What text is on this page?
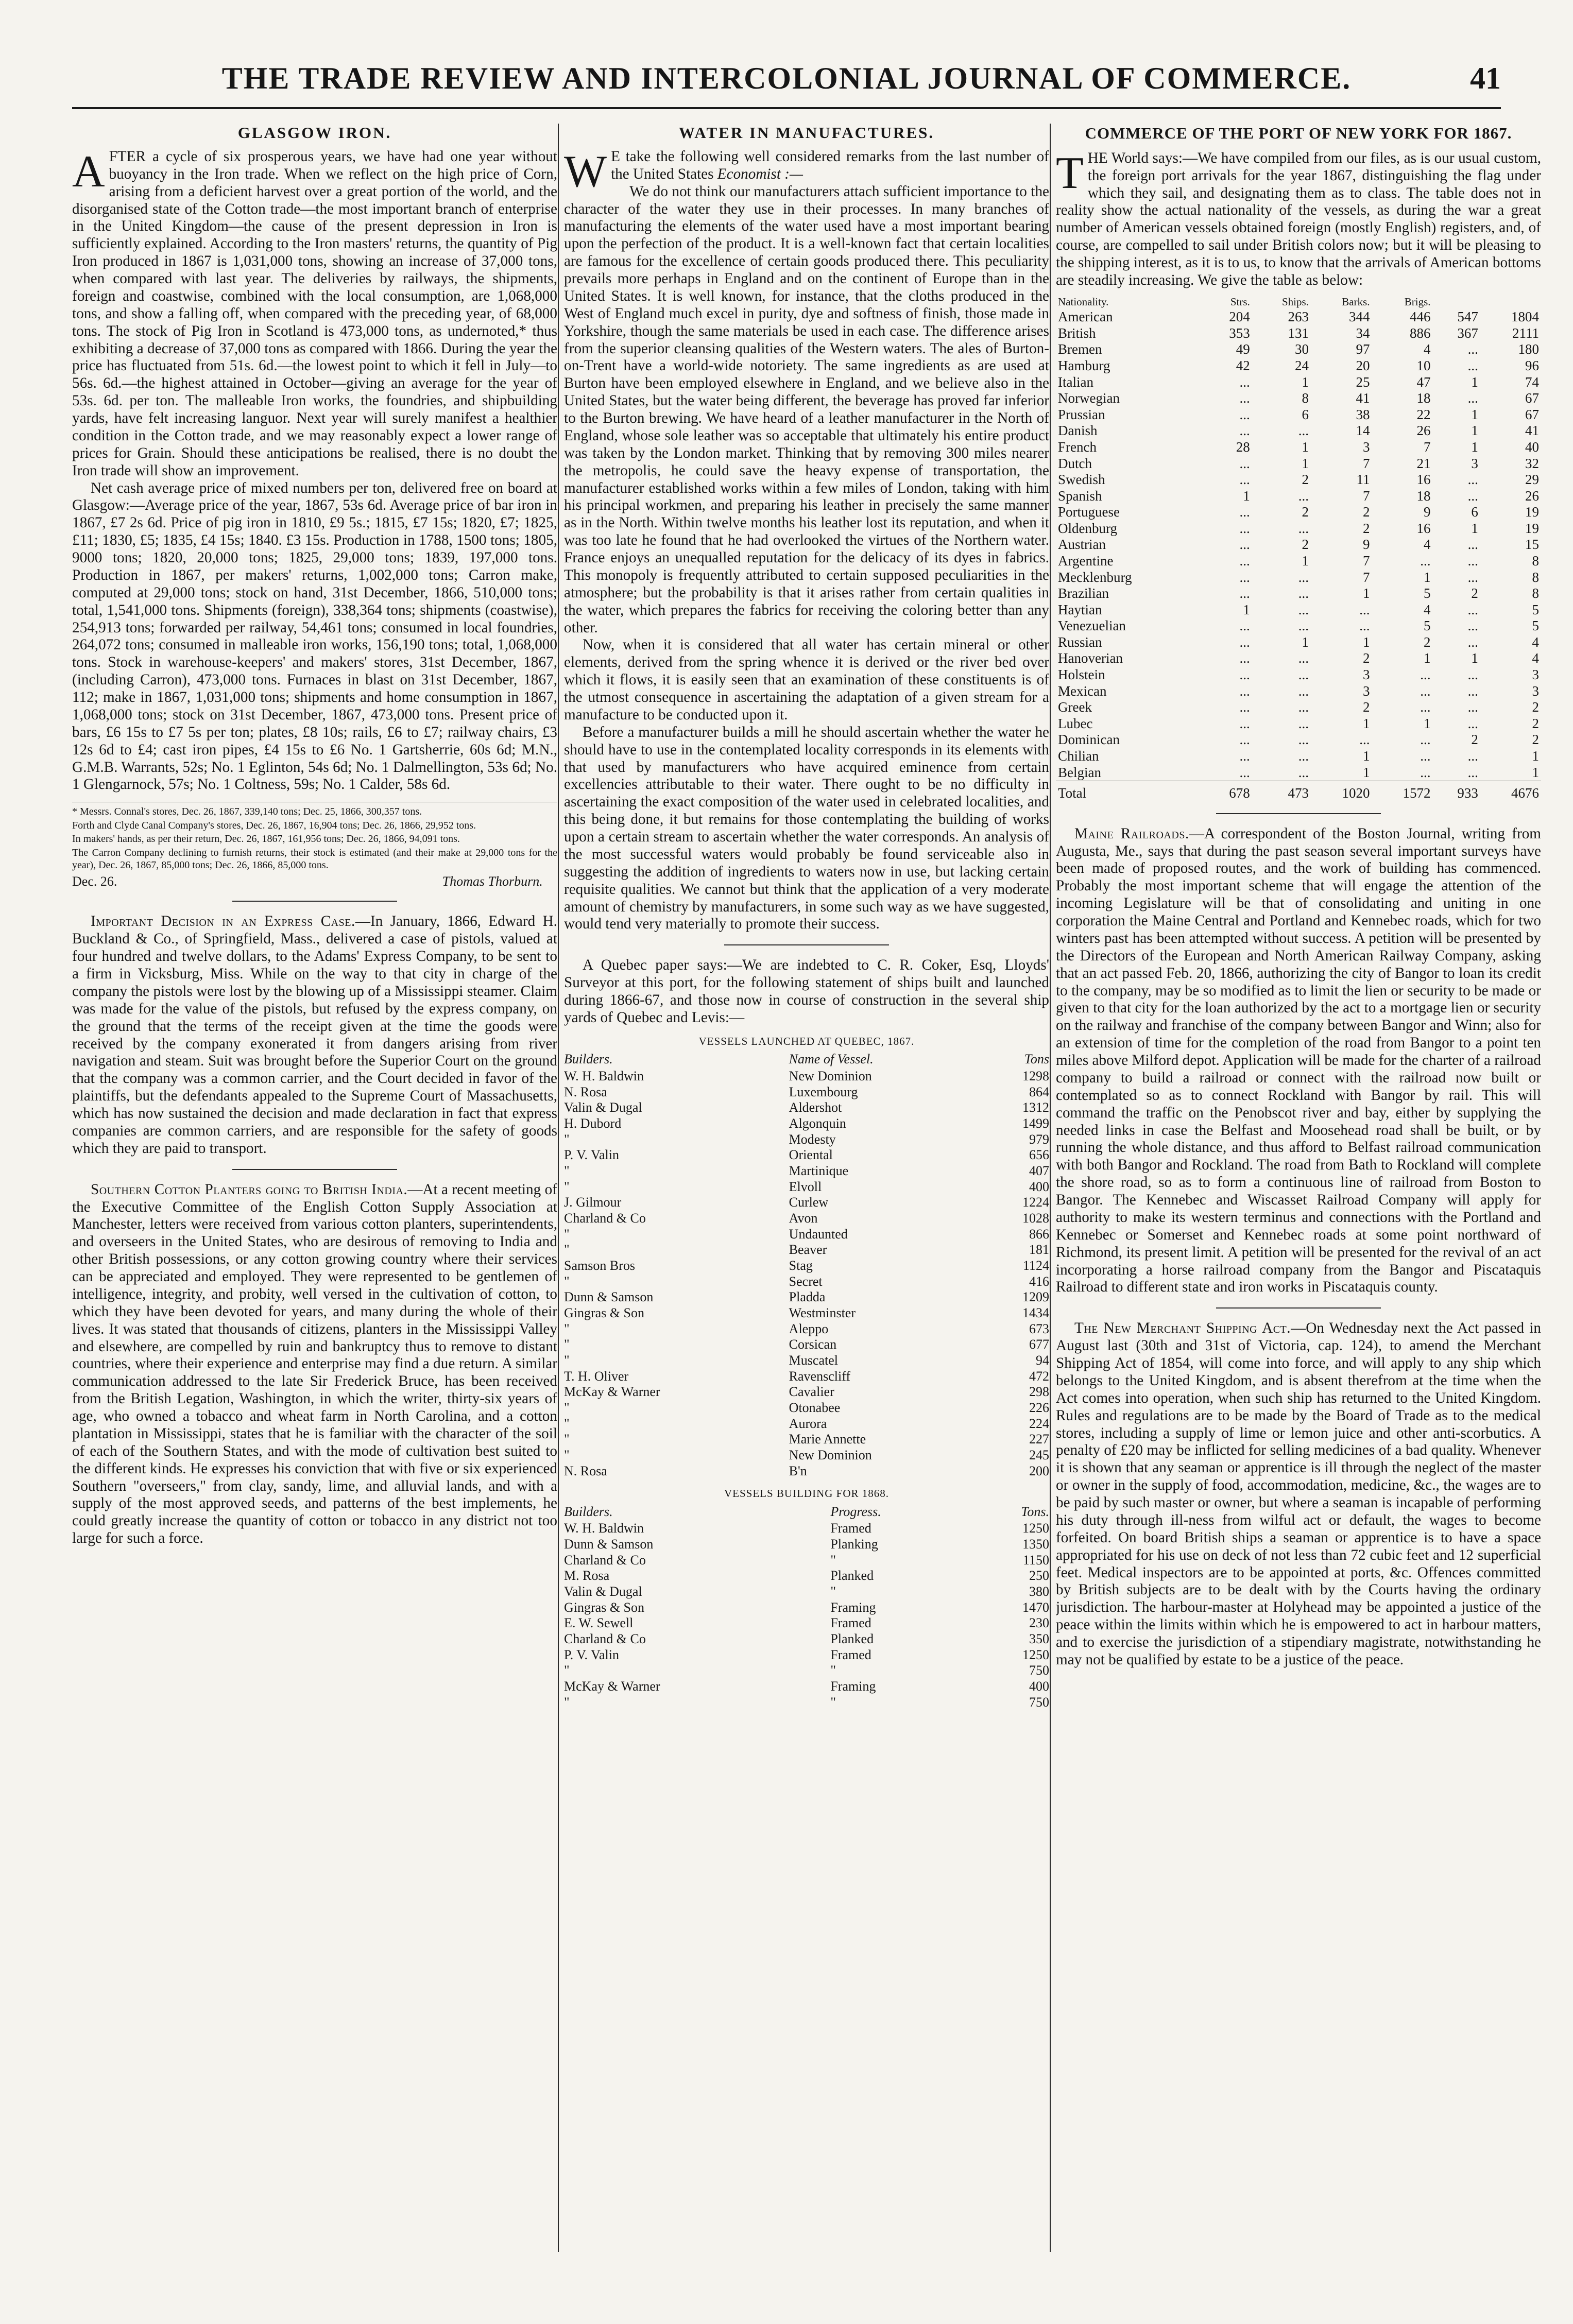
THE TRADE REVIEW AND INTERCOLONIAL JOURNAL OF COMMERCE.	41
GLASGOW IRON.

AFTER a cycle of six prosperous years, we have had one year without buoyancy in the Iron trade. When we reflect on the high price of Corn, arising from a deficient harvest over a great portion of the world, and the disorganised state of the Cotton trade—the most important branch of enterprise in the United Kingdom—the cause of the present depression in Iron is sufficiently explained. According to the Iron masters' returns, the quantity of Pig Iron produced in 1867 is 1,031,000 tons, showing an increase of 37,000 tons, when compared with last year. The deliveries by railways, the shipments, foreign and coastwise, combined with the local consumption, are 1,068,000 tons, and show a falling off, when compared with the preceding year, of 68,000 tons. The stock of Pig Iron in Scotland is 473,000 tons, as undernoted,* thus exhibiting a decrease of 37,000 tons as compared with 1866. During the year the price has fluctuated from 51s. 6d.—the lowest point to which it fell in July—to 56s. 6d.—the highest attained in October—giving an average for the year of 53s. 6d. per ton. The malleable Iron works, the foundries, and shipbuilding yards, have felt increasing languor. Next year will surely manifest a healthier condition in the Cotton trade, and we may reasonably expect a lower range of prices for Grain. Should these anticipations be realised, there is no doubt the Iron trade will show an improvement.

Net cash average price of mixed numbers per ton, delivered free on board at Glasgow:—Average price of the year, 1867, 53s 6d. Average price of bar iron in 1867, £7 2s 6d. Price of pig iron in 1810, £9 5s.; 1815, £7 15s; 1820, £7; 1825, £11; 1830, £5; 1835, £4 15s; 1840. £3 15s. Production in 1788, 1500 tons; 1805, 9000 tons; 1820, 20,000 tons; 1825, 29,000 tons; 1839, 197,000 tons. Production in 1867, per makers' returns, 1,002,000 tons; Carron make, computed at 29,000 tons; stock on hand, 31st December, 1866, 510,000 tons; total, 1,541,000 tons. Shipments (foreign), 338,364 tons; shipments (coastwise), 254,913 tons; forwarded per railway, 54,461 tons; consumed in local foundries, 264,072 tons; consumed in malleable iron works, 156,190 tons; total, 1,068,000 tons. Stock in warehouse-keepers' and makers' stores, 31st December, 1867, (including Carron), 473,000 tons. Furnaces in blast on 31st December, 1867, 112; make in 1867, 1,031,000 tons; shipments and home consumption in 1867, 1,068,000 tons; stock on 31st December, 1867, 473,000 tons. Present price of bars, £6 15s to £7 5s per ton; plates, £8 10s; rails, £6 to £7; railway chairs, £3 12s 6d to £4; cast iron pipes, £4 15s to £6 No. 1 Gartsherrie, 60s 6d; M.N., G.M.B. Warrants, 52s; No. 1 Eglinton, 54s 6d; No. 1 Dalmellington, 53s 6d; No. 1 Glengarnock, 57s; No. 1 Coltness, 59s; No. 1 Calder, 58s 6d.

* Messrs. Connal's stores, Dec. 26, 1867, 339,140 tons; Dec. 25, 1866, 300,357 tons.
Forth and Clyde Canal Company's stores, Dec. 26, 1867, 16,904 tons; Dec. 26, 1866, 29,952 tons.
In makers' hands, as per their return, Dec. 26, 1867, 161,956 tons; Dec. 26, 1866, 94,091 tons.
The Carron Company declining to furnish returns, their stock is estimated (and their make at 29,000 tons for the year), Dec. 26, 1867, 85,000 tons; Dec. 26, 1866, 85,000 tons.
Dec. 26.	Thomas Thorburn.

Important Decision in an Express Case.—In January, 1866, Edward H. Buckland & Co., of Springfield, Mass., delivered a case of pistols, valued at four hundred and twelve dollars, to the Adams' Express Company, to be sent to a firm in Vicksburg, Miss. While on the way to that city in charge of the company the pistols were lost by the blowing up of a Mississippi steamer. Claim was made for the value of the pistols, but refused by the express company, on the ground that the terms of the receipt given at the time the goods were received by the company exonerated it from dangers arising from river navigation and steam. Suit was brought before the Superior Court on the ground that the company was a common carrier, and the Court decided in favor of the plaintiffs, but the defendants appealed to the Supreme Court of Massachusetts, which has now sustained the decision and made declaration in fact that express companies are common carriers, and are responsible for the safety of goods which they are paid to transport.

Southern Cotton Planters going to British India.—At a recent meeting of the Executive Committee of the English Cotton Supply Association at Manchester, letters were received from various cotton planters, superintendents, and overseers in the United States, who are desirous of removing to India and other British possessions, or any cotton growing country where their services can be appreciated and employed. They were represented to be gentlemen of intelligence, integrity, and probity, well versed in the cultivation of cotton, to which they have been devoted for years, and many during the whole of their lives. It was stated that thousands of citizens, planters in the Mississippi Valley and elsewhere, are compelled by ruin and bankruptcy thus to remove to distant countries, where their experience and enterprise may find a due return. A similar communication addressed to the late Sir Frederick Bruce, has been received from the British Legation, Washington, in which the writer, thirty-six years of age, who owned a tobacco and wheat farm in North Carolina, and a cotton plantation in Mississippi, states that he is familiar with the character of the soil of each of the Southern States, and with the mode of cultivation best suited to the different kinds. He expresses his conviction that with five or six experienced Southern "overseers," from clay, sandy, lime, and alluvial lands, and with a supply of the most approved seeds, and patterns of the best implements, he could greatly increase the quantity of cotton or tobacco in any district not too large for such a force.

WATER IN MANUFACTURES.

W E take the following well considered remarks from the last number of the United States Economist :—

We do not think our manufacturers attach sufficient importance to the character of the water they use in their processes. In many branches of manufacturing the elements of the water used have a most important bearing upon the perfection of the product. It is a well-known fact that certain localities are famous for the excellence of certain goods produced there. This peculiarity prevails more perhaps in England and on the continent of Europe than in the United States. It is well known, for instance, that the cloths produced in the West of England much excel in purity, dye and softness of finish, those made in Yorkshire, though the same materials be used in each case. The difference arises from the superior cleansing qualities of the Western waters. The ales of Burton-on-Trent have a world-wide notoriety. The same ingredients as are used at Burton have been employed elsewhere in England, and we believe also in the United States, but the water being different, the beverage has proved far inferior to the Burton brewing. We have heard of a leather manufacturer in the North of England, whose sole leather was so acceptable that ultimately his entire product was taken by the London market. Thinking that by removing 300 miles nearer the metropolis, he could save the heavy expense of transportation, the manufacturer established works within a few miles of London, taking with him his principal workmen, and preparing his leather in precisely the same manner as in the North. Within twelve months his leather lost its reputation, and when it was too late he found that he had overlooked the virtues of the Northern water. France enjoys an unequalled reputation for the delicacy of its dyes in fabrics. This monopoly is frequently attributed to certain supposed peculiarities in the atmosphere; but the probability is that it arises rather from certain qualities in the water, which prepares the fabrics for receiving the coloring better than any other.

Now, when it is considered that all water has certain mineral or other elements, derived from the spring whence it is derived or the river bed over which it flows, it is easily seen that an examination of these constituents is of the utmost consequence in ascertaining the adaptation of a given stream for a manufacture to be conducted upon it.

Before a manufacturer builds a mill he should ascertain whether the water he should have to use in the contemplated locality corresponds in its elements with that used by manufacturers who have acquired eminence from certain excellencies attributable to their water. There ought to be no difficulty in ascertaining the exact composition of the water used in celebrated localities, and this being done, it but remains for those contemplating the building of works upon a certain stream to ascertain whether the water corresponds. An analysis of the most successful waters would probably be found serviceable also in suggesting the addition of ingredients to waters now in use, but lacking certain requisite qualities. We cannot but think that the application of a very moderate amount of chemistry by manufacturers, in some such way as we have suggested, would tend very materially to promote their success.

A Quebec paper says:—We are indebted to C. R. Coker, Esq, Lloyds' Surveyor at this port, for the following statement of ships built and launched during 1866-67, and those now in course of construction in the several ship yards of Quebec and Levis:—

VESSELS LAUNCHED AT QUEBEC, 1867.
Builders.	Name of Vessel.	Tons
W. H. Baldwin	New Dominion	1298
N. Rosa	Luxembourg	864
Valin & Dugal	Aldershot	1312
H. Dubord	Algonquin	1499
"	Modesty	979
P. V. Valin	Oriental	656
"	Martinique	407
"	Elvoll	400
J. Gilmour	Curlew	1224
Charland & Co	Avon	1028
"	Undaunted	866
"	Beaver	181
Samson Bros	Stag	1124
"	Secret	416
Dunn & Samson	Pladda	1209
Gingras & Son	Westminster	1434
"	Aleppo	673
"	Corsican	677
"	Muscatel	94
T. H. Oliver	Ravenscliff	472
McKay & Warner	Cavalier	298
"	Otonabee	226
"	Aurora	224
"	Marie Annette	227
"	New Dominion	245
N. Rosa	B'n	200
VESSELS BUILDING FOR 1868.
Builders.	Progress.	Tons.
W. H. Baldwin	Framed	1250
Dunn & Samson	Planking	1350
Charland & Co	"	1150
M. Rosa	Planked	250
Valin & Dugal	"	380
Gingras & Son	Framing	1470
E. W. Sewell	Framed	230
Charland & Co	Planked	350
P. V. Valin	Framed	1250
"	"	750
McKay & Warner	Framing	400
"	"	750
COMMERCE OF THE PORT OF NEW YORK FOR 1867.

THE World says:—We have compiled from our files, as is our usual custom, the foreign port arrivals for the year 1867, distinguishing the flag under which they sail, and designating them as to class. The table does not in reality show the actual nationality of the vessels, as during the war a great number of American vessels obtained foreign (mostly English) registers, and, of course, are compelled to sail under British colors now; but it will be pleasing to the shipping interest, as it is to us, to know that the arrivals of American bottoms are steadily increasing. We give the table as below:

Nationality.	Strs.	Ships.	Barks.	Brigs.		
American	204	263	344	446	547	1804
British	353	131	34	886	367	2111
Bremen	49	30	97	4	...	180
Hamburg	42	24	20	10	...	96
Italian	...	1	25	47	1	74
Norwegian	...	8	41	18	...	67
Prussian	...	6	38	22	1	67
Danish	...	...	14	26	1	41
French	28	1	3	7	1	40
Dutch	...	1	7	21	3	32
Swedish	...	2	11	16	...	29
Spanish	1	...	7	18	...	26
Portuguese	...	2	2	9	6	19
Oldenburg	...	...	2	16	1	19
Austrian	...	2	9	4	...	15
Argentine	...	1	7	...	...	8
Mecklenburg	...	...	7	1	...	8
Brazilian	...	...	1	5	2	8
Haytian	1	...	...	4	...	5
Venezuelian	...	...	...	5	...	5
Russian	...	1	1	2	...	4
Hanoverian	...	...	2	1	1	4
Holstein	...	...	3	...	...	3
Mexican	...	...	3	...	...	3
Greek	...	...	2	...	...	2
Lubec	...	...	1	1	...	2
Dominican	...	...	...	...	2	2
Chilian	...	...	1	...	...	1
Belgian	...	...	1	...	...	1
Total	678	473	1020	1572	933	4676

Maine Railroads.—A correspondent of the Boston Journal, writing from Augusta, Me., says that during the past season several important surveys have been made of proposed routes, and the work of building has commenced. Probably the most important scheme that will engage the attention of the incoming Legislature will be that of consolidating and uniting in one corporation the Maine Central and Portland and Kennebec roads, which for two winters past has been attempted without success. A petition will be presented by the Directors of the European and North American Railway Company, asking that an act passed Feb. 20, 1866, authorizing the city of Bangor to loan its credit to the company, may be so modified as to limit the lien or security to be made or given to that city for the loan authorized by the act to a mortgage lien or security on the railway and franchise of the company between Bangor and Winn; also for an extension of time for the completion of the road from Bangor to a point ten miles above Milford depot. Application will be made for the charter of a railroad company to build a railroad or connect with the railroad now built or contemplated so as to connect Rockland with Bangor by rail. This will command the traffic on the Penobscot river and bay, either by supplying the needed links in case the Belfast and Moosehead road shall be built, or by running the whole distance, and thus afford to Belfast railroad communication with both Bangor and Rockland. The road from Bath to Rockland will complete the shore road, so as to form a continuous line of railroad from Boston to Bangor. The Kennebec and Wiscasset Railroad Company will apply for authority to make its western terminus and connections with the Portland and Kennebec or Somerset and Kennebec roads at some point northward of Richmond, its present limit. A petition will be presented for the revival of an act incorporating a horse railroad company from the Bangor and Piscataquis Railroad to different state and iron works in Piscataquis county.

The New Merchant Shipping Act.—On Wednesday next the Act passed in August last (30th and 31st of Victoria, cap. 124), to amend the Merchant Shipping Act of 1854, will come into force, and will apply to any ship which belongs to the United Kingdom, and is absent therefrom at the time when the Act comes into operation, when such ship has returned to the United Kingdom. Rules and regulations are to be made by the Board of Trade as to the medical stores, including a supply of lime or lemon juice and other anti-scorbutics. A penalty of £20 may be inflicted for selling medicines of a bad quality. Whenever it is shown that any seaman or apprentice is ill through the neglect of the master or owner in the supply of food, accommodation, medicine, &c., the wages are to be paid by such master or owner, but where a seaman is incapable of performing his duty through ill-ness from wilful act or default, the wages to become forfeited. On board British ships a seaman or apprentice is to have a space appropriated for his use on deck of not less than 72 cubic feet and 12 superficial feet. Medical inspectors are to be appointed at ports, &c. Offences committed by British subjects are to be dealt with by the Courts having the ordinary jurisdiction. The harbour-master at Holyhead may be appointed a justice of the peace within the limits within which he is empowered to act in harbour matters, and to exercise the jurisdiction of a stipendiary magistrate, notwithstanding he may not be qualified by estate to be a justice of the peace.
